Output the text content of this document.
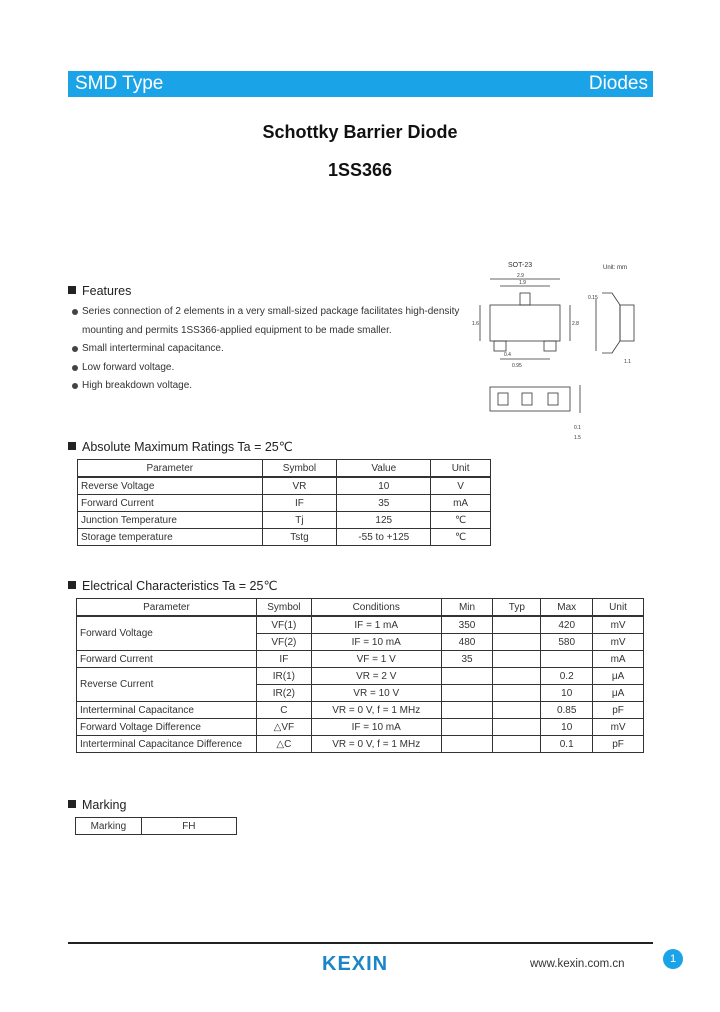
SMD Type	Diodes
Schottky Barrier Diode
1SS366
Features
Series connection of 2 elements in a very small-sized package facilitates high-density mounting and permits 1SS366-applied equipment to be made smaller.
Small interterminal capacitance.
Low forward voltage.
High breakdown voltage.
SOT-23	Unit: mm
2.9
1.9
1.6	2.8
0.95
0.4
1.1
0.15
0.1
1.5
Absolute Maximum Ratings Ta = 25℃
Parameter	Symbol	Value	Unit
Reverse Voltage	VR	10	V
Forward Current	IF	35	mA
Junction Temperature	Tj	125	℃
Storage temperature	Tstg	-55 to +125	℃
Electrical Characteristics Ta = 25℃
Parameter	Symbol	Conditions	Min	Typ	Max	Unit
Forward Voltage	VF(1)	IF = 1 mA	350		420	mV
	VF(2)	IF = 10 mA	480		580	mV
Forward Current	IF	VF = 1 V	35			mA
Reverse Current	IR(1)	VR = 2 V			0.2	μA
	IR(2)	VR = 10 V			10	μA
Interterminal Capacitance	C	VR = 0 V, f = 1 MHz			0.85	pF
Forward Voltage Difference	△VF	IF = 10 mA			10	mV
Interterminal Capacitance Difference	△C	VR = 0 V, f = 1 MHz			0.1	pF
Marking
Marking	FH
1
KEXIN	www.kexin.com.cn
